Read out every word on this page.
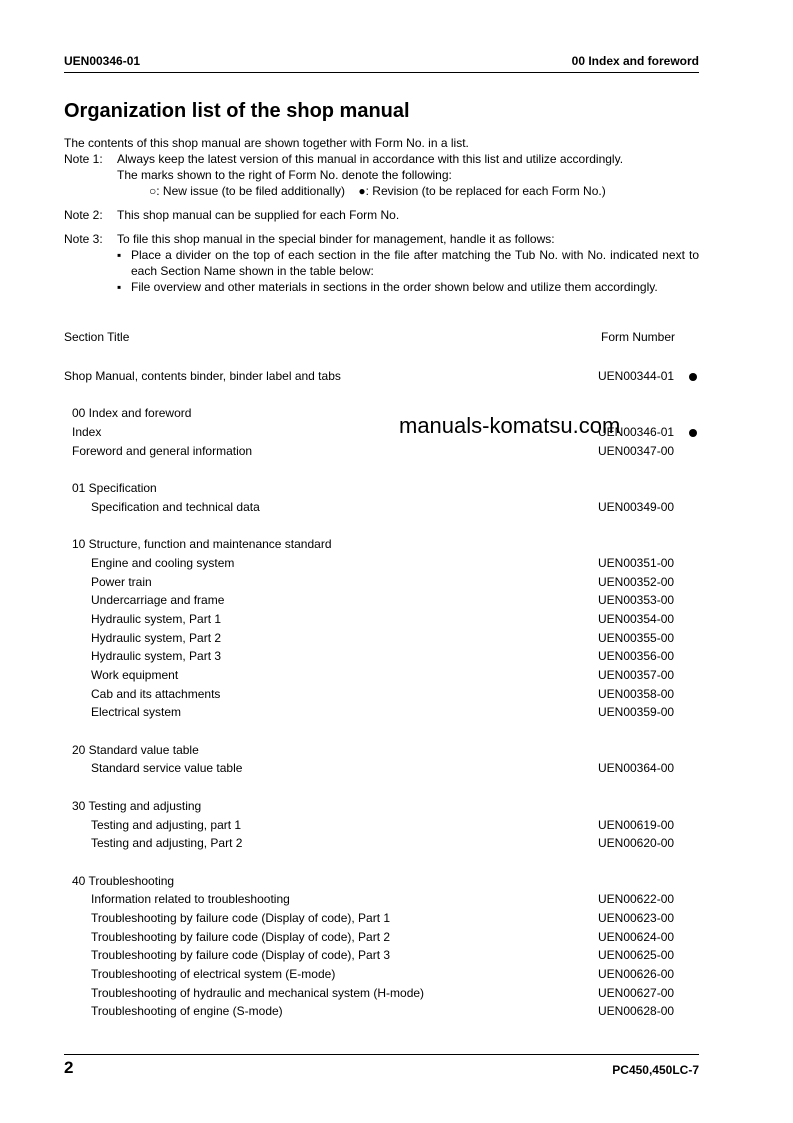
UEN00346-01	00 Index and foreword
Organization list of the shop manual
The contents of this shop manual are shown together with Form No. in a list.
Note 1:	Always keep the latest version of this manual in accordance with this list and utilize accordingly.
The marks shown to the right of Form No. denote the following:
○: New issue (to be filed additionally) ●: Revision (to be replaced for each Form No.)
Note 2:	This shop manual can be supplied for each Form No.
Note 3:	To file this shop manual in the special binder for management, handle it as follows:
▪ Place a divider on the top of each section in the file after matching the Tub No. with No. indicated next to each Section Name shown in the table below:
▪ File overview and other materials in sections in the order shown below and utilize them accordingly.
Section Title	Form Number
Shop Manual, contents binder, binder label and tabs	UEN00344-01
00 Index and foreword
Index	UEN00346-01
Foreword and general information	UEN00347-00
01 Specification
Specification and technical data	UEN00349-00
10 Structure, function and maintenance standard
Engine and cooling system	UEN00351-00
Power train	UEN00352-00
Undercarriage and frame	UEN00353-00
Hydraulic system, Part 1	UEN00354-00
Hydraulic system, Part 2	UEN00355-00
Hydraulic system, Part 3	UEN00356-00
Work equipment	UEN00357-00
Cab and its attachments	UEN00358-00
Electrical system	UEN00359-00
20 Standard value table
Standard service value table	UEN00364-00
30 Testing and adjusting
Testing and adjusting, part 1	UEN00619-00
Testing and adjusting, Part 2	UEN00620-00
40 Troubleshooting
Information related to troubleshooting	UEN00622-00
Troubleshooting by failure code (Display of code), Part 1	UEN00623-00
Troubleshooting by failure code (Display of code), Part 2	UEN00624-00
Troubleshooting by failure code (Display of code), Part 3	UEN00625-00
Troubleshooting of electrical system (E-mode)	UEN00626-00
Troubleshooting of hydraulic and mechanical system (H-mode)	UEN00627-00
Troubleshooting of engine (S-mode)	UEN00628-00
manuals-komatsu.com
2	PC450,450LC-7
